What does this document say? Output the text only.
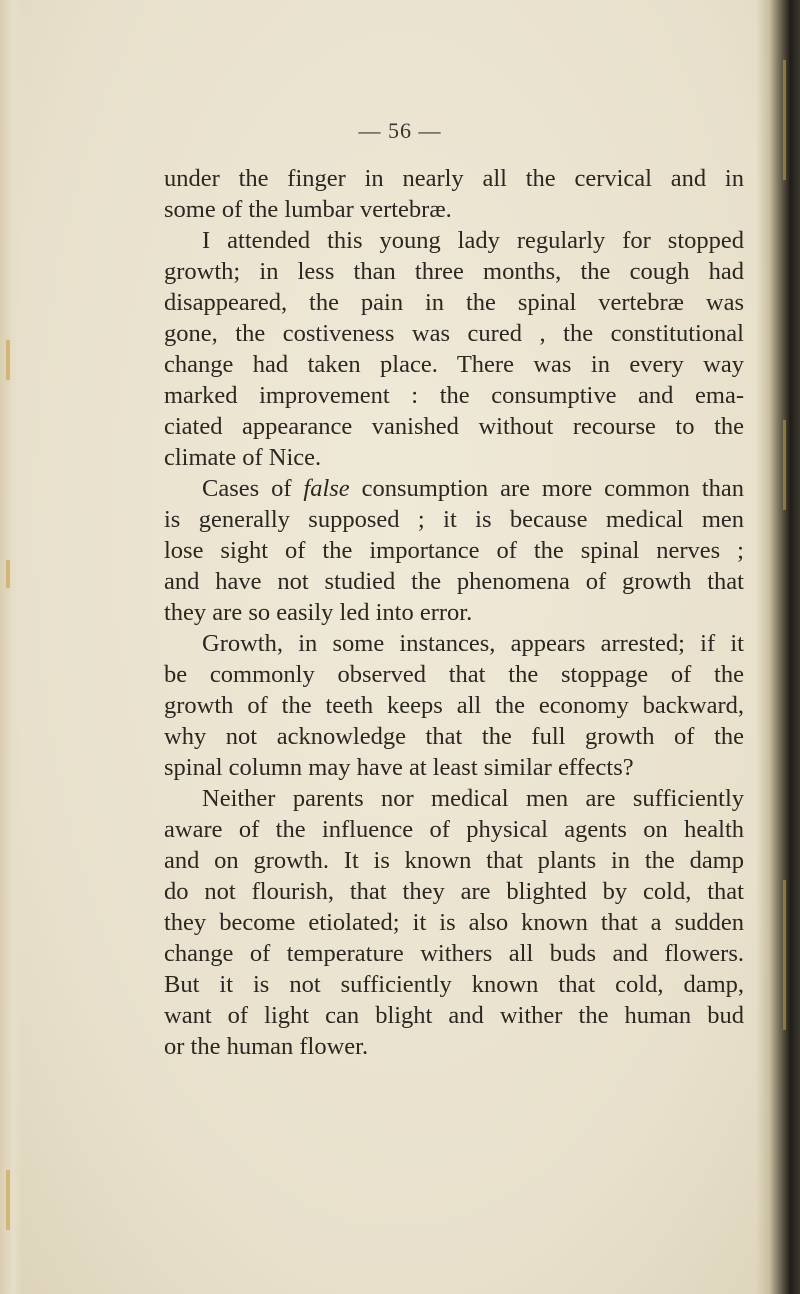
— 56 —
under the finger in nearly all the cervical and in
some of the lumbar vertebræ.
I attended this young lady regularly for stopped
growth; in less than three months, the cough had
disappeared, the pain in the spinal vertebræ was
gone, the costiveness was cured , the constitutional
change had taken place. There was in every way
marked improvement : the consumptive and ema-
ciated appearance vanished without recourse to the
climate of Nice.
Cases of false consumption are more common than
is generally supposed ; it is because medical men
lose sight of the importance of the spinal nerves ;
and have not studied the phenomena of growth that
they are so easily led into error.
Growth, in some instances, appears arrested; if it
be commonly observed that the stoppage of the
growth of the teeth keeps all the economy backward,
why not acknowledge that the full growth of the
spinal column may have at least similar effects?
Neither parents nor medical men are sufficiently
aware of the influence of physical agents on health
and on growth. It is known that plants in the damp
do not flourish, that they are blighted by cold, that
they become etiolated; it is also known that a sudden
change of temperature withers all buds and flowers.
But it is not sufficiently known that cold, damp,
want of light can blight and wither the human bud
or the human flower.
